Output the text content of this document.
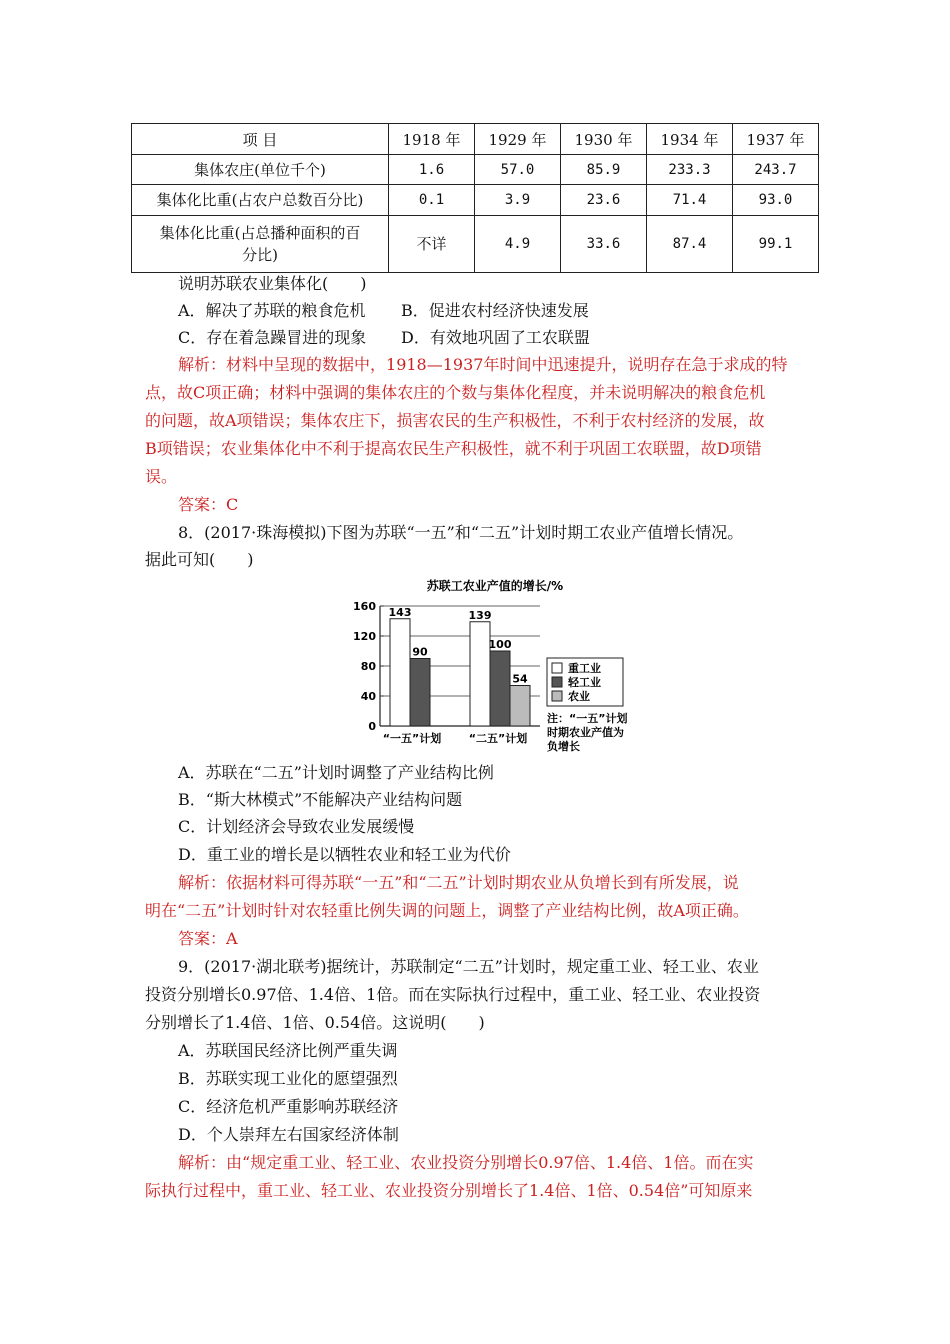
项 目	1918 年	1929 年	1930 年	1934 年	1937 年
集体农庄(单位千个)	1.6	57.0	85.9	233.3	243.7
集体化比重(占农户总数百分比)	0.1	3.9	23.6	71.4	93.0

集体化比重(占总播种面积的百
分比)	不详	4.9	33.6	87.4	99.1
说明苏联农业集体化(　　)
A．解决了苏联的粮食危机 B．促进农村经济快速发展
C．存在着急躁冒进的现象 D．有效地巩固了工农联盟
解析：材料中呈现的数据中，1918—1937年时间中迅速提升，说明存在急于求成的特
点，故C项正确；材料中强调的集体农庄的个数与集体化程度，并未说明解决的粮食危机
的问题，故A项错误；集体农庄下，损害农民的生产积极性，不利于农村经济的发展，故
B项错误；农业集体化中不利于提高农民生产积极性，就不利于巩固工农联盟，故D项错
误。
答案：C
8．(2017·珠海模拟)下图为苏联“一五”和“二五”计划时期工农业产值增长情况。
据此可知(　　)
苏联工农业产值的增长/%
0
40
80
120
160 143
90
139
100
54
“一五”计划	“二五”计划
重工业
轻工业
农业
注：“一五”计划
时期农业产值为
负增长
A．苏联在“二五”计划时调整了产业结构比例
B．“斯大林模式”不能解决产业结构问题
C．计划经济会导致农业发展缓慢
D．重工业的增长是以牺牲农业和轻工业为代价
解析：依据材料可得苏联“一五”和“二五”计划时期农业从负增长到有所发展，说
明在“二五”计划时针对农轻重比例失调的问题上，调整了产业结构比例，故A项正确。
答案：A
9．(2017·湖北联考)据统计，苏联制定“二五”计划时，规定重工业、轻工业、农业
投资分别增长0.97倍、1.4倍、1倍。而在实际执行过程中，重工业、轻工业、农业投资
分别增长了1.4倍、1倍、0.54倍。这说明(　　)
A．苏联国民经济比例严重失调
B．苏联实现工业化的愿望强烈
C．经济危机严重影响苏联经济
D．个人崇拜左右国家经济体制
解析：由“规定重工业、轻工业、农业投资分别增长0.97倍、1.4倍、1倍。而在实
际执行过程中，重工业、轻工业、农业投资分别增长了1.4倍、1倍、0.54倍”可知原来
